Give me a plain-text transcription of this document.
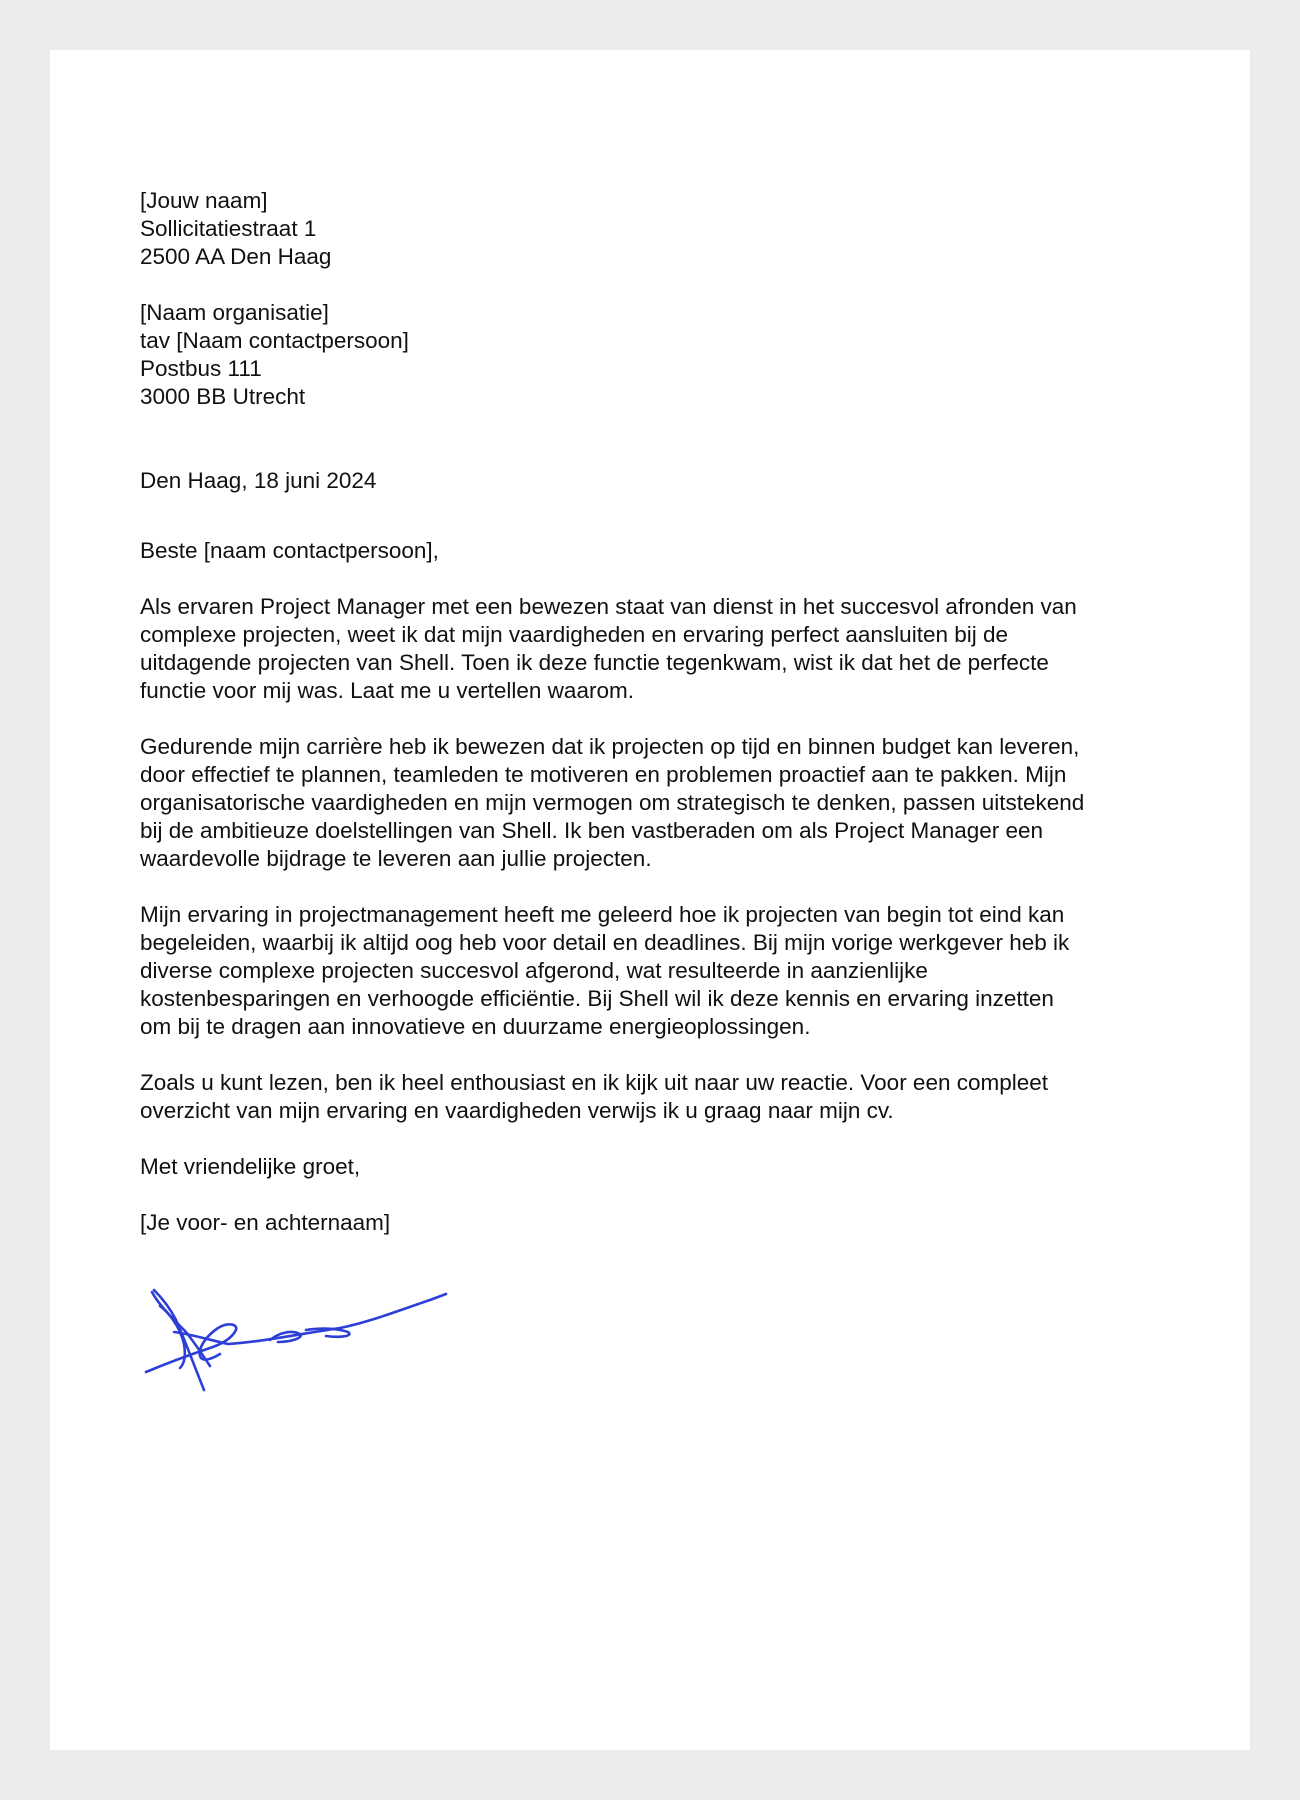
[Jouw naam]
Sollicitatiestraat 1
2500 AA Den Haag
[Naam organisatie]
tav [Naam contactpersoon]
Postbus 111
3000 BB Utrecht
Den Haag, 18 juni 2024
Beste [naam contactpersoon],
Als ervaren Project Manager met een bewezen staat van dienst in het succesvol afronden van
complexe projecten, weet ik dat mijn vaardigheden en ervaring perfect aansluiten bij de
uitdagende projecten van Shell. Toen ik deze functie tegenkwam, wist ik dat het de perfecte
functie voor mij was. Laat me u vertellen waarom.
Gedurende mijn carrière heb ik bewezen dat ik projecten op tijd en binnen budget kan leveren,
door effectief te plannen, teamleden te motiveren en problemen proactief aan te pakken. Mijn
organisatorische vaardigheden en mijn vermogen om strategisch te denken, passen uitstekend
bij de ambitieuze doelstellingen van Shell. Ik ben vastberaden om als Project Manager een
waardevolle bijdrage te leveren aan jullie projecten.
Mijn ervaring in projectmanagement heeft me geleerd hoe ik projecten van begin tot eind kan
begeleiden, waarbij ik altijd oog heb voor detail en deadlines. Bij mijn vorige werkgever heb ik
diverse complexe projecten succesvol afgerond, wat resulteerde in aanzienlijke
kostenbesparingen en verhoogde efficiëntie. Bij Shell wil ik deze kennis en ervaring inzetten
om bij te dragen aan innovatieve en duurzame energieoplossingen.
Zoals u kunt lezen, ben ik heel enthousiast en ik kijk uit naar uw reactie. Voor een compleet
overzicht van mijn ervaring en vaardigheden verwijs ik u graag naar mijn cv.
Met vriendelijke groet,
[Je voor- en achternaam]
